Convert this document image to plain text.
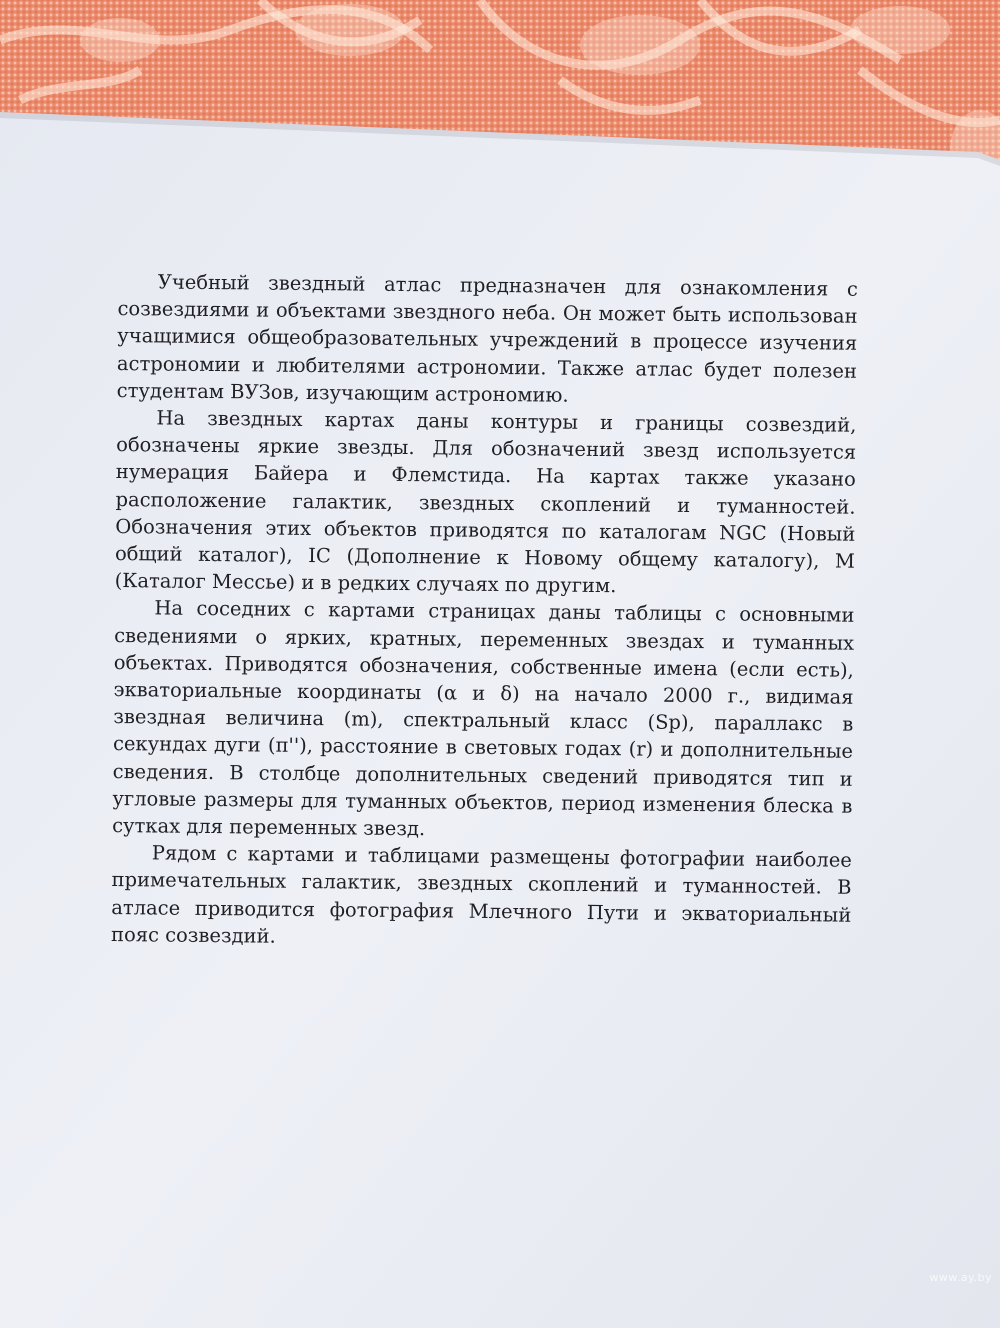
Учебный звездный атлас предназначен для ознакомления с созвездиями и объектами звездного неба. Он может быть использован учащимися общеобразовательных учреждений в процессе изучения астрономии и любителями астрономии. Также атлас будет полезен студентам ВУЗов, изучающим астрономию.

На звездных картах даны контуры и границы созвездий, обозначены яркие звезды. Для обозначений звезд используется нумерация Байера и Флемстида. На картах также указано расположение галактик, звездных скоплений и туманностей. Обозначения этих объектов приводятся по каталогам NGC (Новый общий каталог), IC (Дополнение к Новому общему каталогу), М (Каталог Мессье) и в редких случаях по другим.

На соседних с картами страницах даны таблицы с основными сведениями о ярких, кратных, переменных звездах и туманных объектах. Приводятся обозначения, собственные имена (если есть), экваториальные координаты (α и δ) на начало 2000 г., видимая звездная величина (m), спектральный класс (Sp), параллакс в секундах дуги (π''), расстояние в световых годах (r) и дополнительные сведения. В столбце дополнительных сведений приводятся тип и угловые размеры для туманных объектов, период изменения блеска в сутках для переменных звезд.

Рядом с картами и таблицами размещены фотографии наиболее примечательных галактик, звездных скоплений и туманностей. В атласе приводится фотография Млечного Пути и экваториальный пояс созвездий.

www.ay.by
